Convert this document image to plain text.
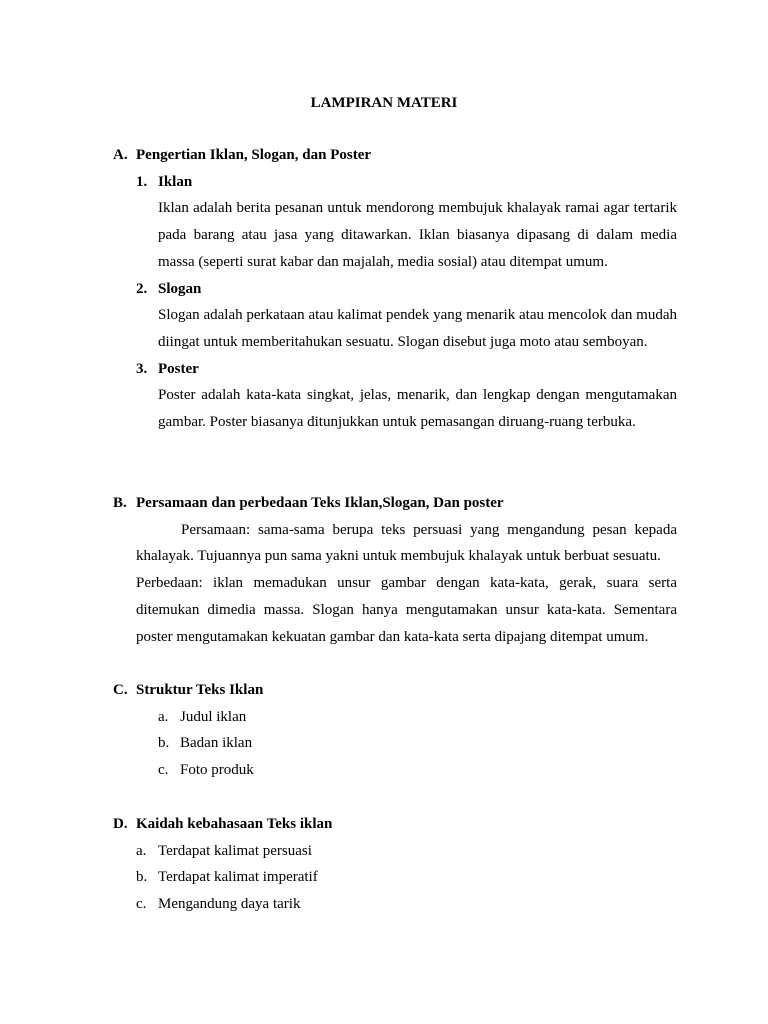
LAMPIRAN MATERI
A. Pengertian Iklan, Slogan, dan Poster
1. Iklan

Iklan adalah berita pesanan untuk mendorong membujuk khalayak ramai agar tertarik pada barang atau jasa yang ditawarkan. Iklan biasanya dipasang di dalam media massa (seperti surat kabar dan majalah, media sosial) atau ditempat umum.

2. Slogan

Slogan adalah perkataan atau kalimat pendek yang menarik atau mencolok dan mudah diingat untuk memberitahukan sesuatu. Slogan disebut juga moto atau semboyan.

3. Poster

Poster adalah kata-kata singkat, jelas, menarik, dan lengkap dengan mengutamakan gambar. Poster biasanya ditunjukkan untuk pemasangan diruang-ruang terbuka.

B. Persamaan dan perbedaan Teks Iklan,Slogan, Dan poster

Persamaan: sama-sama berupa teks persuasi yang mengandung pesan kepada khalayak. Tujuannya pun sama yakni untuk membujuk khalayak untuk berbuat sesuatu.

Perbedaan: iklan memadukan unsur gambar dengan kata-kata, gerak, suara serta ditemukan dimedia massa. Slogan hanya mengutamakan unsur kata-kata. Sementara poster mengutamakan kekuatan gambar dan kata-kata serta dipajang ditempat umum.

C. Struktur Teks Iklan
a. Judul iklan
b. Badan iklan
c. Foto produk
D. Kaidah kebahasaan Teks iklan
a. Terdapat kalimat persuasi
b. Terdapat kalimat imperatif
c. Mengandung daya tarik
